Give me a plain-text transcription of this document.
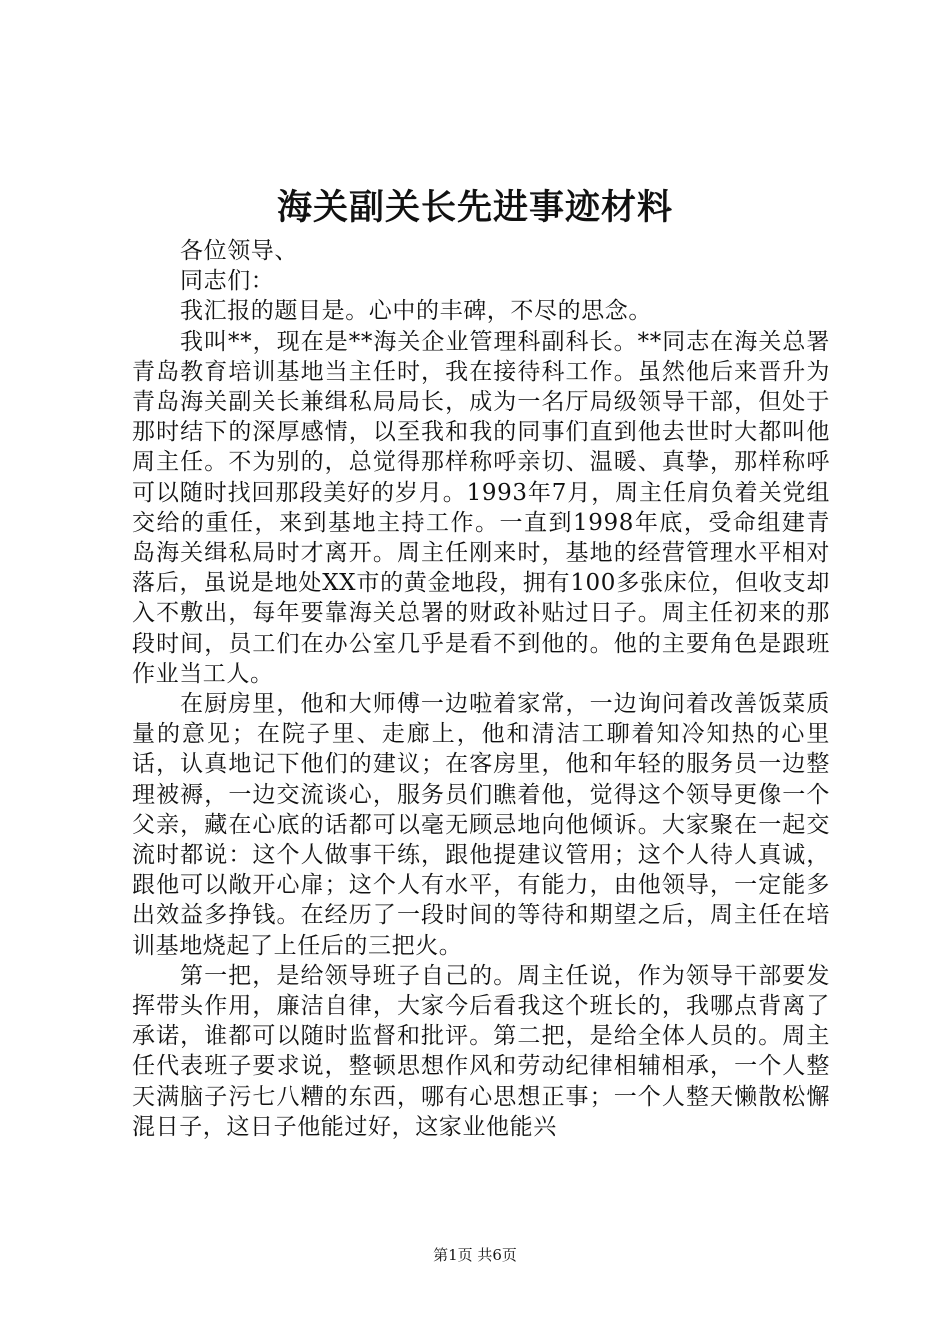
海关副关长先进事迹材料

各位领导、

同志们：

我汇报的题目是。心中的丰碑，不尽的思念。

我叫**，现在是**海关企业管理科副科长。**同志在海关总署青岛教育培训基地当主任时，我在接待科工作。虽然他后来晋升为青岛海关副关长兼缉私局局长，成为一名厅局级领导干部，但处于那时结下的深厚感情，以至我和我的同事们直到他去世时大都叫他周主任。不为别的，总觉得那样称呼亲切、温暖、真挚，那样称呼可以随时找回那段美好的岁月。1993年7月，周主任肩负着关党组交给的重任，来到基地主持工作。一直到1998年底，受命组建青岛海关缉私局时才离开。周主任刚来时，基地的经营管理水平相对落后，虽说是地处XX市的黄金地段，拥有100多张床位，但收支却入不敷出，每年要靠海关总署的财政补贴过日子。周主任初来的那段时间，员工们在办公室几乎是看不到他的。他的主要角色是跟班作业当工人。

在厨房里，他和大师傅一边啦着家常，一边询问着改善饭菜质量的意见；在院子里、走廊上，他和清洁工聊着知冷知热的心里话，认真地记下他们的建议；在客房里，他和年轻的服务员一边整理被褥，一边交流谈心，服务员们瞧着他，觉得这个领导更像一个父亲，藏在心底的话都可以毫无顾忌地向他倾诉。大家聚在一起交流时都说：这个人做事干练，跟他提建议管用；这个人待人真诚，跟他可以敞开心扉；这个人有水平，有能力，由他领导，一定能多出效益多挣钱。在经历了一段时间的等待和期望之后，周主任在培训基地烧起了上任后的三把火。

第一把，是给领导班子自己的。周主任说，作为领导干部要发挥带头作用，廉洁自律，大家今后看我这个班长的，我哪点背离了承诺，谁都可以随时监督和批评。第二把，是给全体人员的。周主任代表班子要求说，整顿思想作风和劳动纪律相辅相承，一个人整天满脑子污七八糟的东西，哪有心思想正事；一个人整天懒散松懈混日子，这日子他能过好，这家业他能兴

第1页 共6页
